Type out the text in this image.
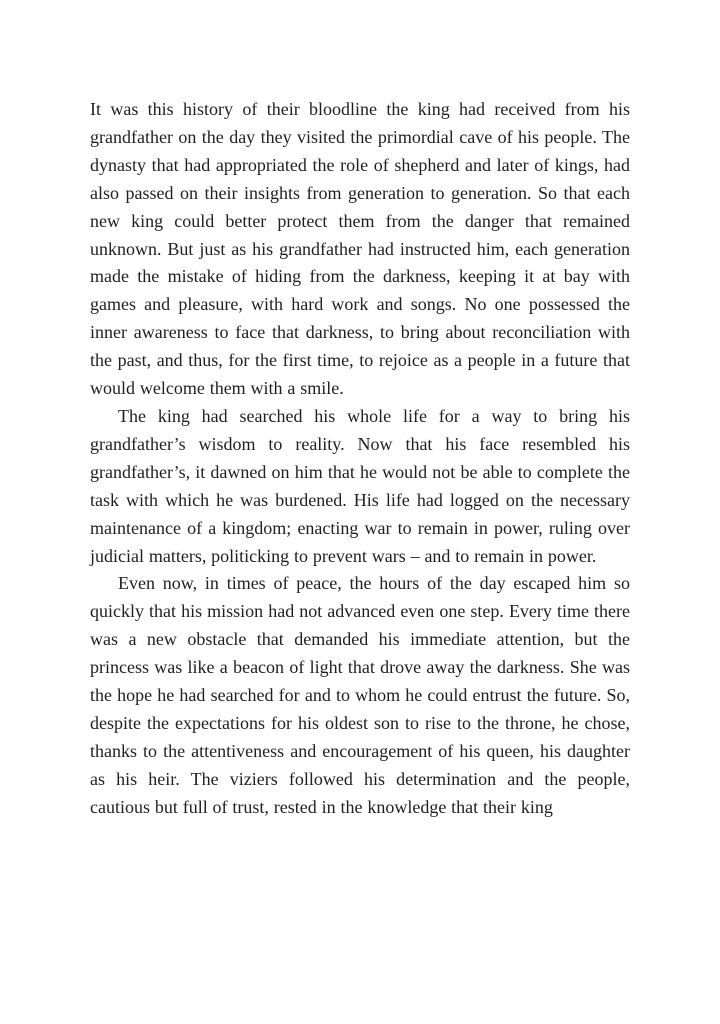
It was this history of their bloodline the king had received from his grandfather on the day they visited the primordial cave of his people. The dynasty that had appropriated the role of shepherd and later of kings, had also passed on their insights from generation to generation. So that each new king could better protect them from the danger that remained unknown. But just as his grandfather had instructed him, each generation made the mistake of hiding from the darkness, keeping it at bay with games and pleasure, with hard work and songs. No one possessed the inner awareness to face that darkness, to bring about reconciliation with the past, and thus, for the first time, to rejoice as a people in a future that would welcome them with a smile.

The king had searched his whole life for a way to bring his grandfather’s wisdom to reality. Now that his face resembled his grandfather’s, it dawned on him that he would not be able to complete the task with which he was burdened. His life had logged on the necessary maintenance of a kingdom; enacting war to remain in power, ruling over judicial matters, politicking to prevent wars – and to remain in power.

Even now, in times of peace, the hours of the day escaped him so quickly that his mission had not advanced even one step. Every time there was a new obstacle that demanded his immediate attention, but the princess was like a beacon of light that drove away the darkness. She was the hope he had searched for and to whom he could entrust the future. So, despite the expectations for his oldest son to rise to the throne, he chose, thanks to the attentiveness and encouragement of his queen, his daughter as his heir. The viziers followed his determination and the people, cautious but full of trust, rested in the knowledge that their king
